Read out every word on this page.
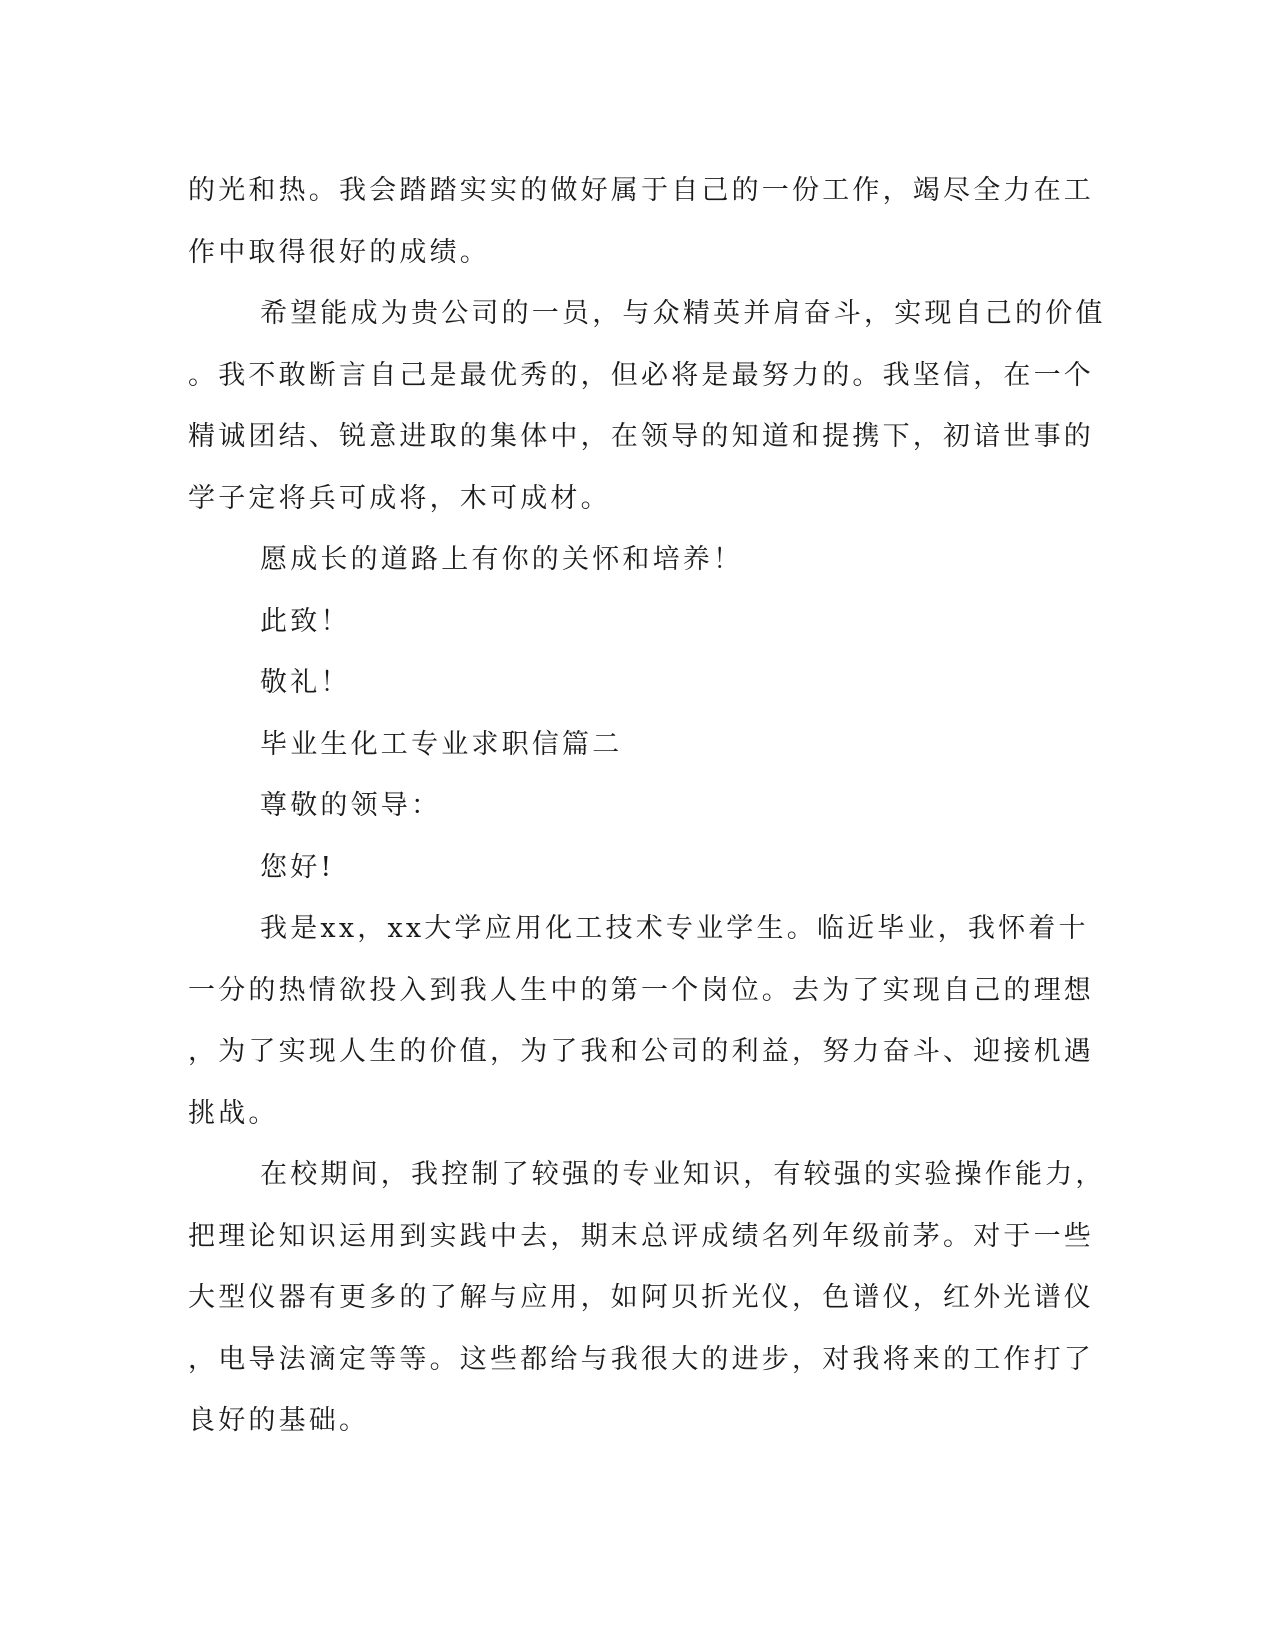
的光和热。我会踏踏实实的做好属于自己的一份工作，竭尽全力在工
作中取得很好的成绩。

希望能成为贵公司的一员，与众精英并肩奋斗，实现自己的价值
。我不敢断言自己是最优秀的，但必将是最努力的。我坚信，在一个
精诚团结、锐意进取的集体中，在领导的知道和提携下，初谙世事的
学子定将兵可成将，木可成材。

愿成长的道路上有你的关怀和培养！

此致！

敬礼！

毕业生化工专业求职信篇二

尊敬的领导：

您好!

我是xx，xx大学应用化工技术专业学生。临近毕业，我怀着十
一分的热情欲投入到我人生中的第一个岗位。去为了实现自己的理想
，为了实现人生的价值，为了我和公司的利益，努力奋斗、迎接机遇
挑战。

在校期间，我控制了较强的专业知识，有较强的实验操作能力，
把理论知识运用到实践中去，期末总评成绩名列年级前茅。对于一些
大型仪器有更多的了解与应用，如阿贝折光仪，色谱仪，红外光谱仪
，电导法滴定等等。这些都给与我很大的进步，对我将来的工作打了
良好的基础。
